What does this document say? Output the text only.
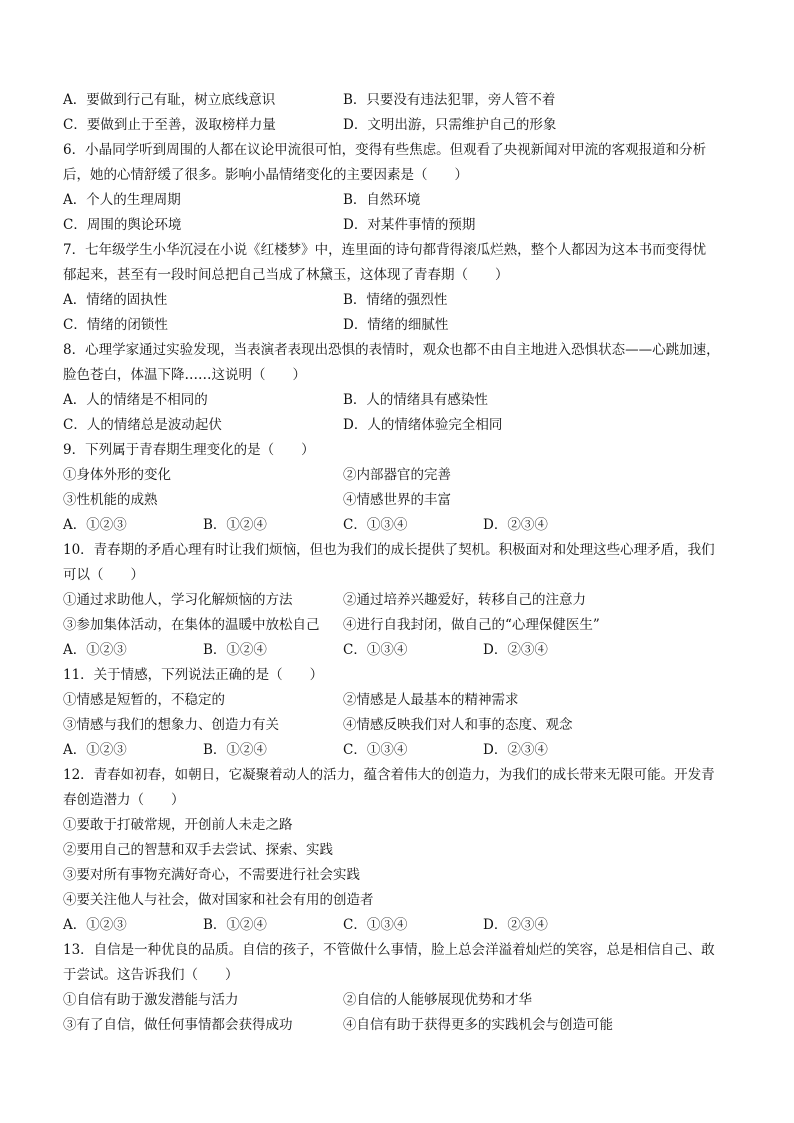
A．要做到行己有耻，树立底线意识	B．只要没有违法犯罪，旁人管不着
C．要做到止于至善，汲取榜样力量	D．文明出游，只需维护自己的形象
6．小晶同学听到周围的人都在议论甲流很可怕，变得有些焦虑。但观看了央视新闻对甲流的客观报道和分析
后，她的心情舒缓了很多。影响小晶情绪变化的主要因素是（　　）
A．个人的生理周期	B．自然环境
C．周围的舆论环境	D．对某件事情的预期
7．七年级学生小华沉浸在小说《红楼梦》中，连里面的诗句都背得滚瓜烂熟，整个人都因为这本书而变得忧
郁起来，甚至有一段时间总把自己当成了林黛玉，这体现了青春期（　　）
A．情绪的固执性	B．情绪的强烈性
C．情绪的闭锁性	D．情绪的细腻性
8．心理学家通过实验发现，当表演者表现出恐惧的表情时，观众也都不由自主地进入恐惧状态——心跳加速，
脸色苍白，体温下降……这说明（　　）
A．人的情绪是不相同的	B．人的情绪具有感染性
C．人的情绪总是波动起伏	D．人的情绪体验完全相同
9．下列属于青春期生理变化的是（　　）
①身体外形的变化	②内部器官的完善
③性机能的成熟	④情感世界的丰富
A．①②③	B．①②④	C．①③④	D．②③④
10．青春期的矛盾心理有时让我们烦恼，但也为我们的成长提供了契机。积极面对和处理这些心理矛盾，我们
可以（　　）
①通过求助他人，学习化解烦恼的方法	②通过培养兴趣爱好，转移自己的注意力
③参加集体活动，在集体的温暖中放松自己	④进行自我封闭，做自己的“心理保健医生”
A．①②③	B．①②④	C．①③④	D．②③④
11．关于情感，下列说法正确的是（　　）
①情感是短暂的，不稳定的	②情感是人最基本的精神需求
③情感与我们的想象力、创造力有关	④情感反映我们对人和事的态度、观念
A．①②③	B．①②④	C．①③④	D．②③④
12．青春如初春，如朝日，它凝聚着动人的活力，蕴含着伟大的创造力，为我们的成长带来无限可能。开发青
春创造潜力（　　）
①要敢于打破常规，开创前人未走之路
②要用自己的智慧和双手去尝试、探索、实践
③要对所有事物充满好奇心，不需要进行社会实践
④要关注他人与社会，做对国家和社会有用的创造者
A．①②③	B．①②④	C．①③④	D．②③④
13．自信是一种优良的品质。自信的孩子，不管做什么事情，脸上总会洋溢着灿烂的笑容，总是相信自己、敢
于尝试。这告诉我们（　　）
①自信有助于激发潜能与活力	②自信的人能够展现优势和才华
③有了自信，做任何事情都会获得成功	④自信有助于获得更多的实践机会与创造可能
